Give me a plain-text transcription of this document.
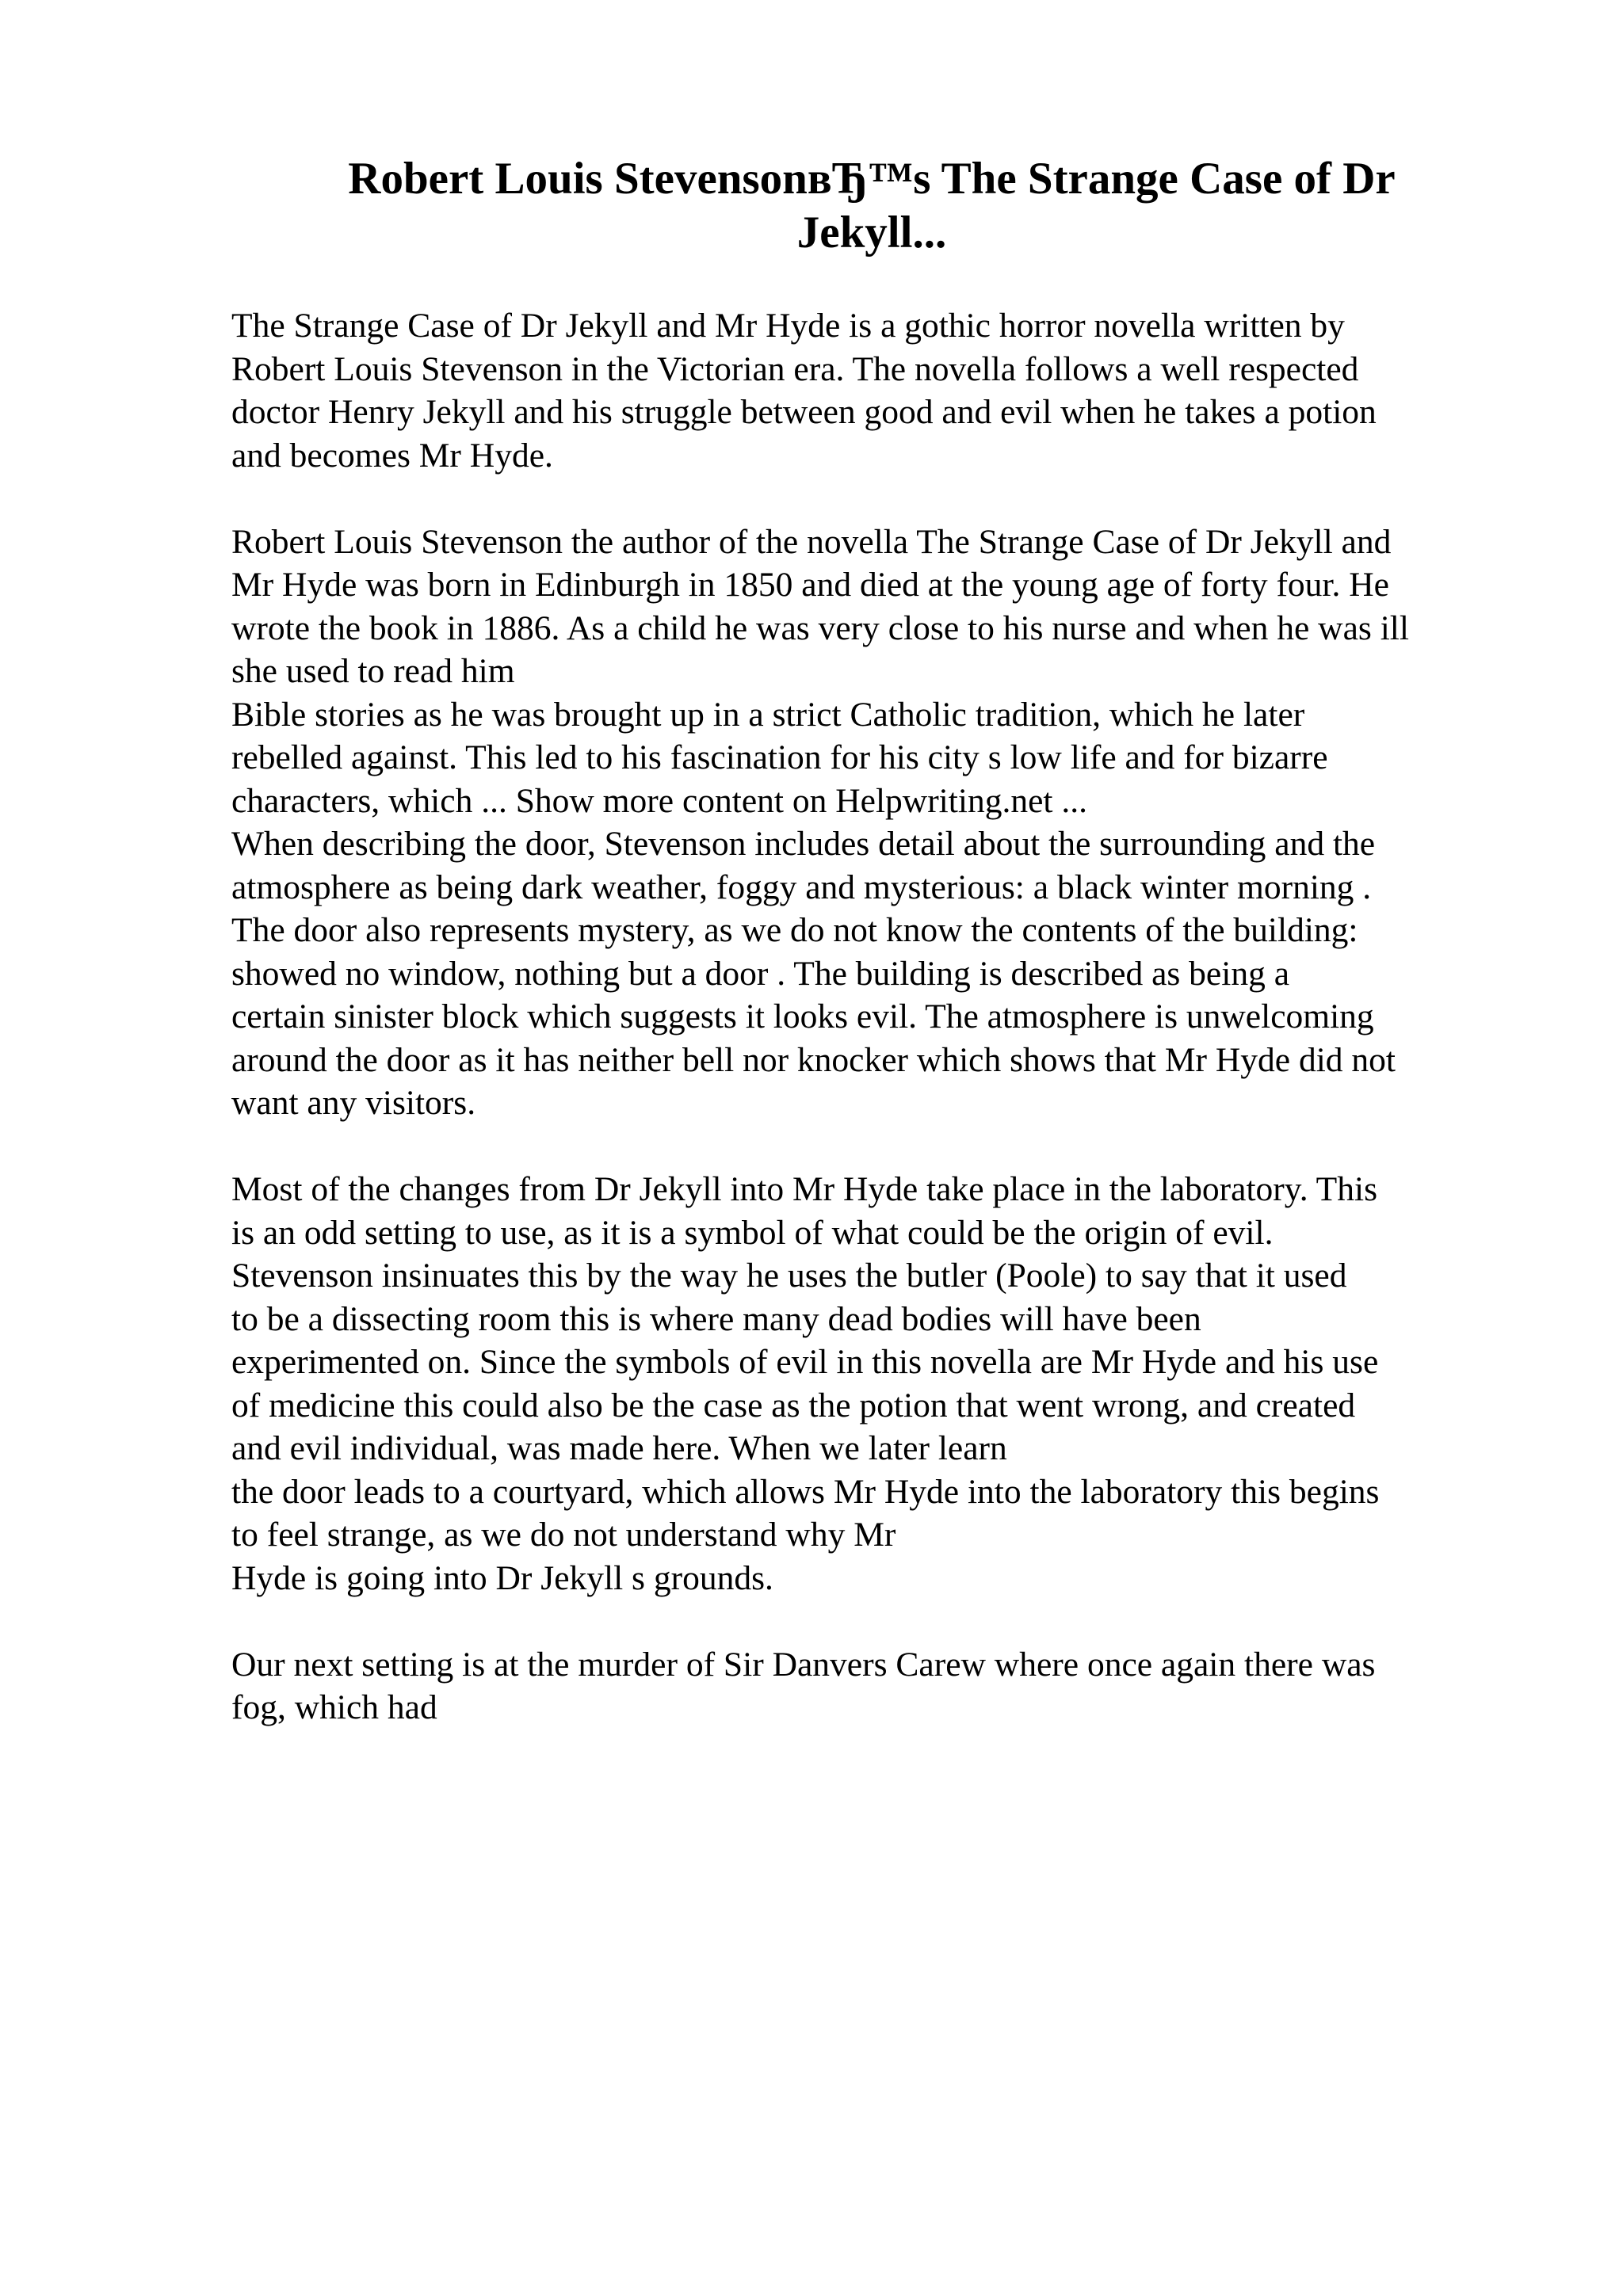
Robert Louis StevensonвЂ™s The Strange Case of Dr
Jekyll...
The Strange Case of Dr Jekyll and Mr Hyde is a gothic horror novella written by
Robert Louis Stevenson in the Victorian era. The novella follows a well respected
doctor Henry Jekyll and his struggle between good and evil when he takes a potion
and becomes Mr Hyde.
Robert Louis Stevenson the author of the novella The Strange Case of Dr Jekyll and
Mr Hyde was born in Edinburgh in 1850 and died at the young age of forty four. He
wrote the book in 1886. As a child he was very close to his nurse and when he was ill
she used to read him
Bible stories as he was brought up in a strict Catholic tradition, which he later
rebelled against. This led to his fascination for his city s low life and for bizarre
characters, which ... Show more content on Helpwriting.net ...
When describing the door, Stevenson includes detail about the surrounding and the
atmosphere as being dark weather, foggy and mysterious: a black winter morning .
The door also represents mystery, as we do not know the contents of the building:
showed no window, nothing but a door . The building is described as being a
certain sinister block which suggests it looks evil. The atmosphere is unwelcoming
around the door as it has neither bell nor knocker which shows that Mr Hyde did not
want any visitors.
Most of the changes from Dr Jekyll into Mr Hyde take place in the laboratory. This
is an odd setting to use, as it is a symbol of what could be the origin of evil.
Stevenson insinuates this by the way he uses the butler (Poole) to say that it used
to be a dissecting room this is where many dead bodies will have been
experimented on. Since the symbols of evil in this novella are Mr Hyde and his use
of medicine this could also be the case as the potion that went wrong, and created
and evil individual, was made here. When we later learn
the door leads to a courtyard, which allows Mr Hyde into the laboratory this begins
to feel strange, as we do not understand why Mr
Hyde is going into Dr Jekyll s grounds.
Our next setting is at the murder of Sir Danvers Carew where once again there was
fog, which had
